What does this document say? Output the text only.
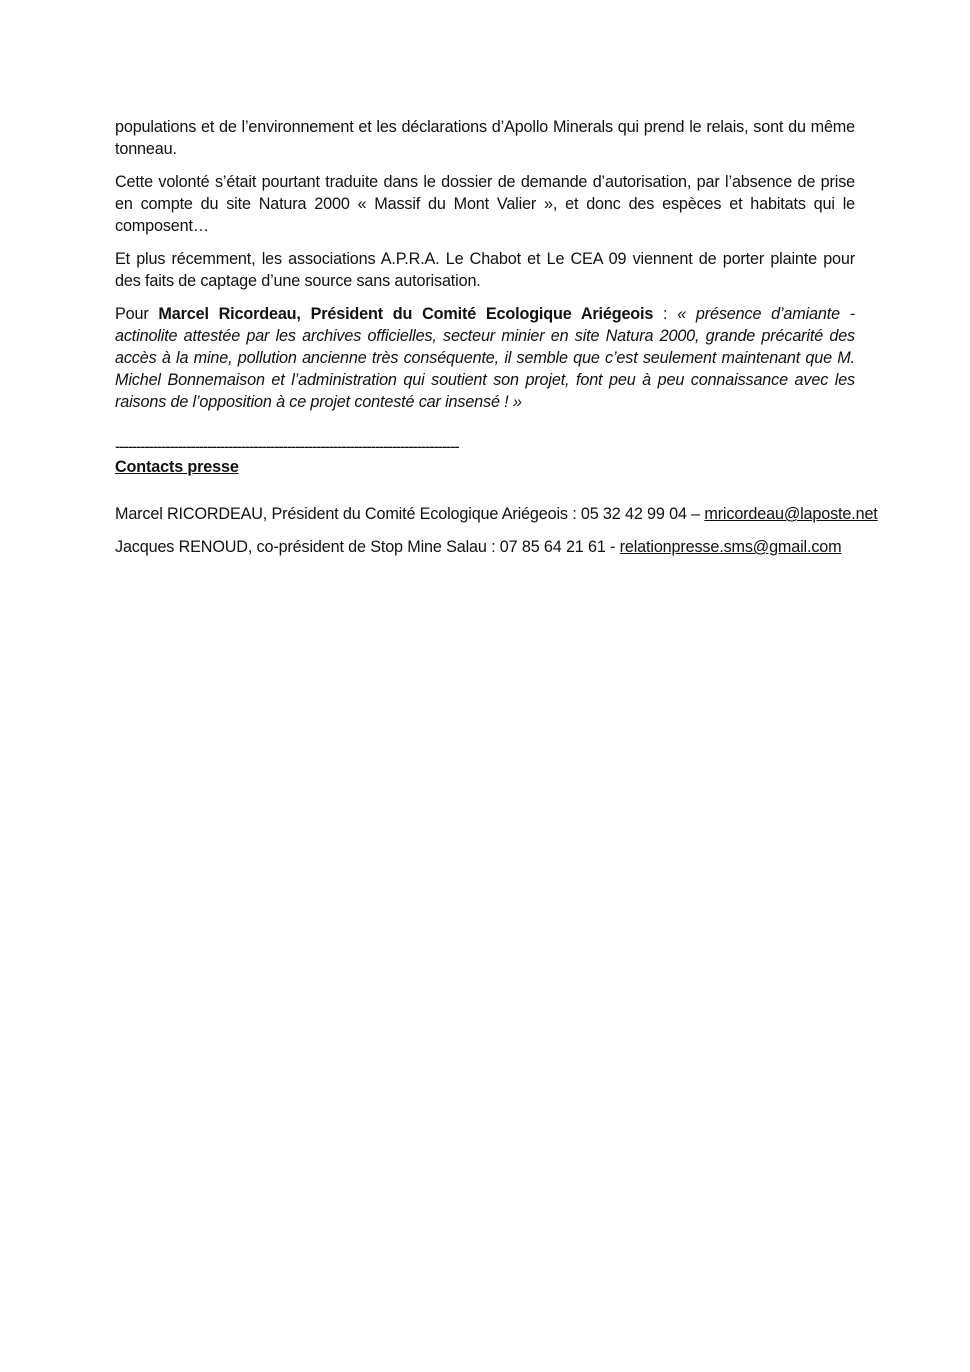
populations et de l’environnement et les déclarations d’Apollo Minerals qui prend le relais, sont du même tonneau.

Cette volonté s’était pourtant traduite dans le dossier de demande d’autorisation, par l’absence de prise en compte du site Natura 2000 « Massif du Mont Valier », et donc des espèces et habitats qui le composent…

Et plus récemment, les associations A.P.R.A. Le Chabot et Le CEA 09 viennent de porter plainte pour des faits de captage d’une source sans autorisation.

Pour Marcel Ricordeau, Président du Comité Ecologique Ariégeois : « présence d’amiante - actinolite attestée par les archives officielles, secteur minier en site Natura 2000, grande précarité des accès à la mine, pollution ancienne très conséquente, il semble que c’est seulement maintenant que M. Michel Bonnemaison et l’administration qui soutient son projet, font peu à peu connaissance avec les raisons de l’opposition à ce projet contesté car insensé ! »

----------------------------------------------------------------------------------

Contacts presse

Marcel RICORDEAU, Président du Comité Ecologique Ariégeois : 05 32 42 99 04 – mricordeau@laposte.net

Jacques RENOUD, co-président de Stop Mine Salau : 07 85 64 21 61 - relationpresse.sms@gmail.com
